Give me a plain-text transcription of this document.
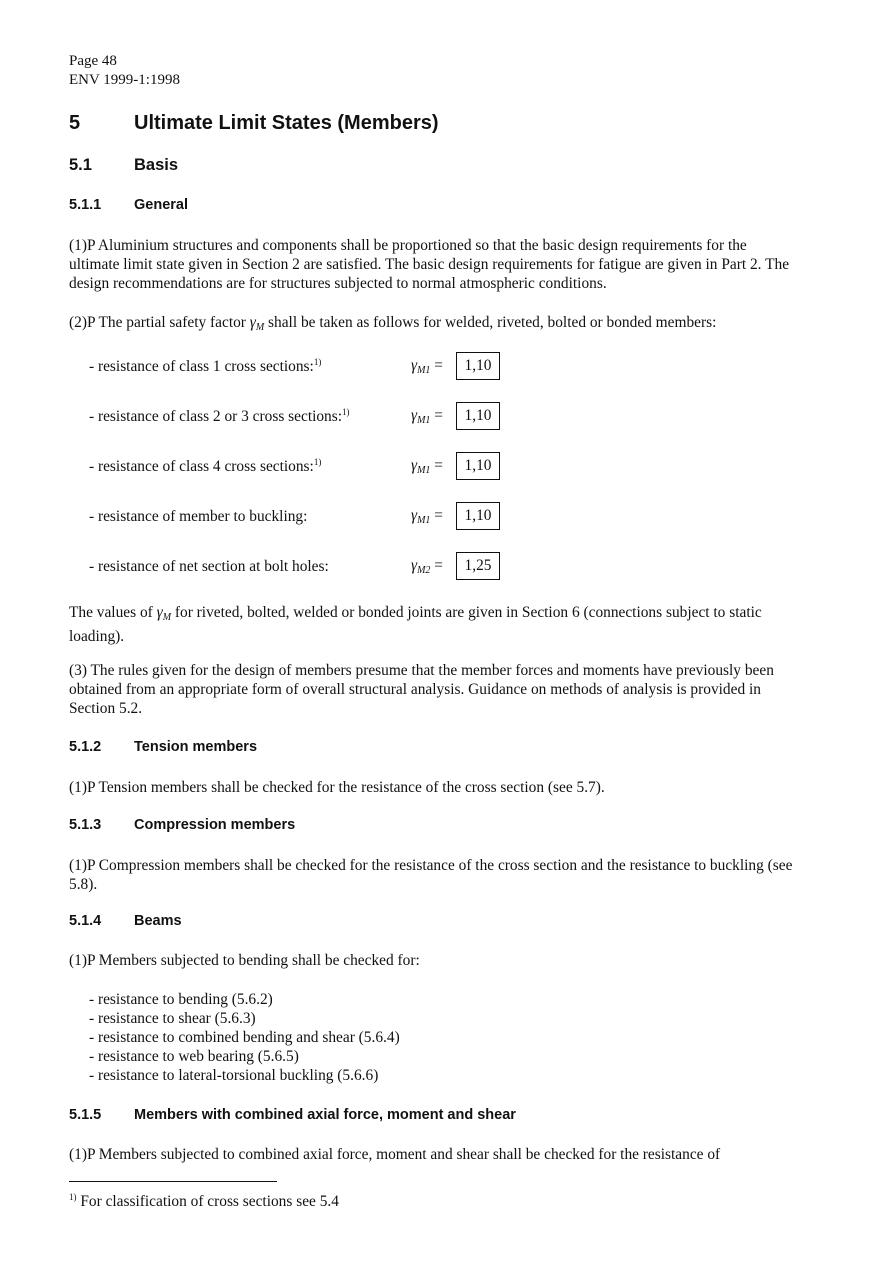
Page 48
ENV 1999-1:1998
5	Ultimate Limit States (Members)
5.1	Basis
5.1.1 General
(1)P Aluminium structures and components shall be proportioned so that the basic design requirements for the ultimate limit state given in Section 2 are satisfied. The basic design requirements for fatigue are given in Part 2. The design recommendations are for structures subjected to normal atmospheric conditions.
(2)P The partial safety factor $\gamma_M$ shall be taken as follows for welded, riveted, bolted or bonded members:
- resistance of class 1 cross sections:$^{1)}$	$\gamma_{M1}$ =	1,10
- resistance of class 2 or 3 cross sections:$^{1)}$	$\gamma_{M1}$ =	1,10
- resistance of class 4 cross sections:$^{1)}$	$\gamma_{M1}$ =	1,10
- resistance of member to buckling:	$\gamma_{M1}$ =	1,10
- resistance of net section at bolt holes:	$\gamma_{M2}$ =	1,25
The values of $\gamma_M$ for riveted, bolted, welded or bonded joints are given in Section 6 (connections subject to static loading).
(3) The rules given for the design of members presume that the member forces and moments have previously been obtained from an appropriate form of overall structural analysis. Guidance on methods of analysis is provided in Section 5.2.
5.1.2 Tension members
(1)P Tension members shall be checked for the resistance of the cross section (see 5.7).
5.1.3 Compression members
(1)P Compression members shall be checked for the resistance of the cross section and the resistance to buckling (see 5.8).
5.1.4 Beams
(1)P Members subjected to bending shall be checked for:
- resistance to bending (5.6.2)
- resistance to shear (5.6.3)
- resistance to combined bending and shear (5.6.4)
- resistance to web bearing (5.6.5)
- resistance to lateral-torsional buckling (5.6.6)
5.1.5 Members with combined axial force, moment and shear
(1)P Members subjected to combined axial force, moment and shear shall be checked for the resistance of
$^{1)}$ For classification of cross sections see 5.4
